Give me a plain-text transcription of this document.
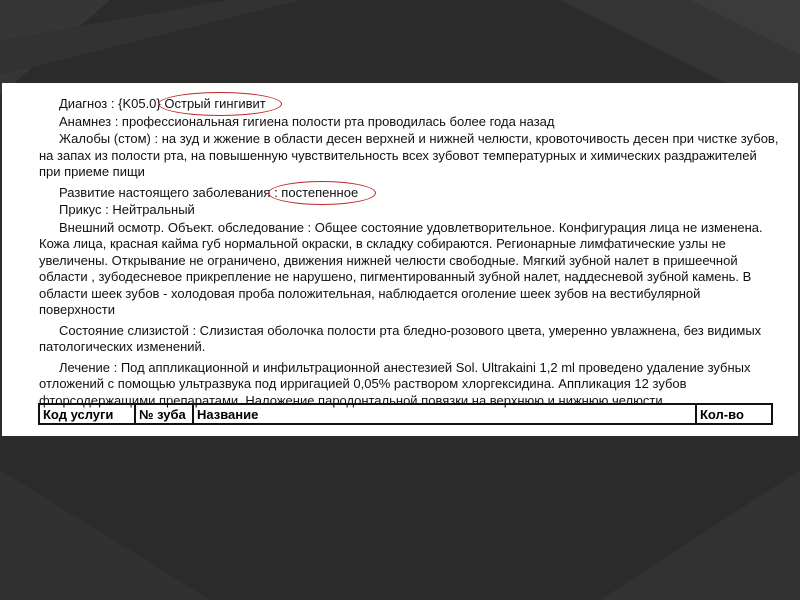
Диагноз : {K05.0} Острый гингивит

Анамнез : профессиональная гигиена полости рта проводилась более года назад

Жалобы (стом) : на зуд и жжение в области десен верхней и нижней челюсти, кровоточивость десен при чистке зубов, на запах из полости рта, на повышенную чувствительность всех зубовот температурных и химических раздражителей при приеме пищи

Развитие настоящего заболевания : постепенное

Прикус : Нейтральный

Внешний осмотр. Объект. обследование : Общее состояние удовлетворительное. Конфигурация лица не изменена. Кожа лица, красная кайма губ нормальной окраски, в складку собираются. Регионарные лимфатические узлы не увеличены. Открывание не ограничено, движения нижней челюсти свободные. Мягкий зубной налет в пришеечной области , зубодесневое прикрепление не нарушено, пигментированный зубной налет, наддесневой зубной камень. В области шеек зубов - холодовая проба положительная, наблюдается оголение шеек зубов на вестибулярной поверхности

Состояние слизистой : Слизистая оболочка полости рта бледно-розового цвета, умеренно увлажнена, без видимых патологических изменений.

Лечение : Под аппликационной и инфильтрационной анестезией Sol. Ultrakaini 1,2 ml проведено удаление зубных отложений с помощью ультразвука под ирригацией 0,05% раствором хлоргексидина. Аппликация 12 зубов фторсодержащими препаратами. Наложение пародонтальной повязки на верхнюю и нижнюю челюсти.

Код услуги	№ зуба	Название	Кол-во
